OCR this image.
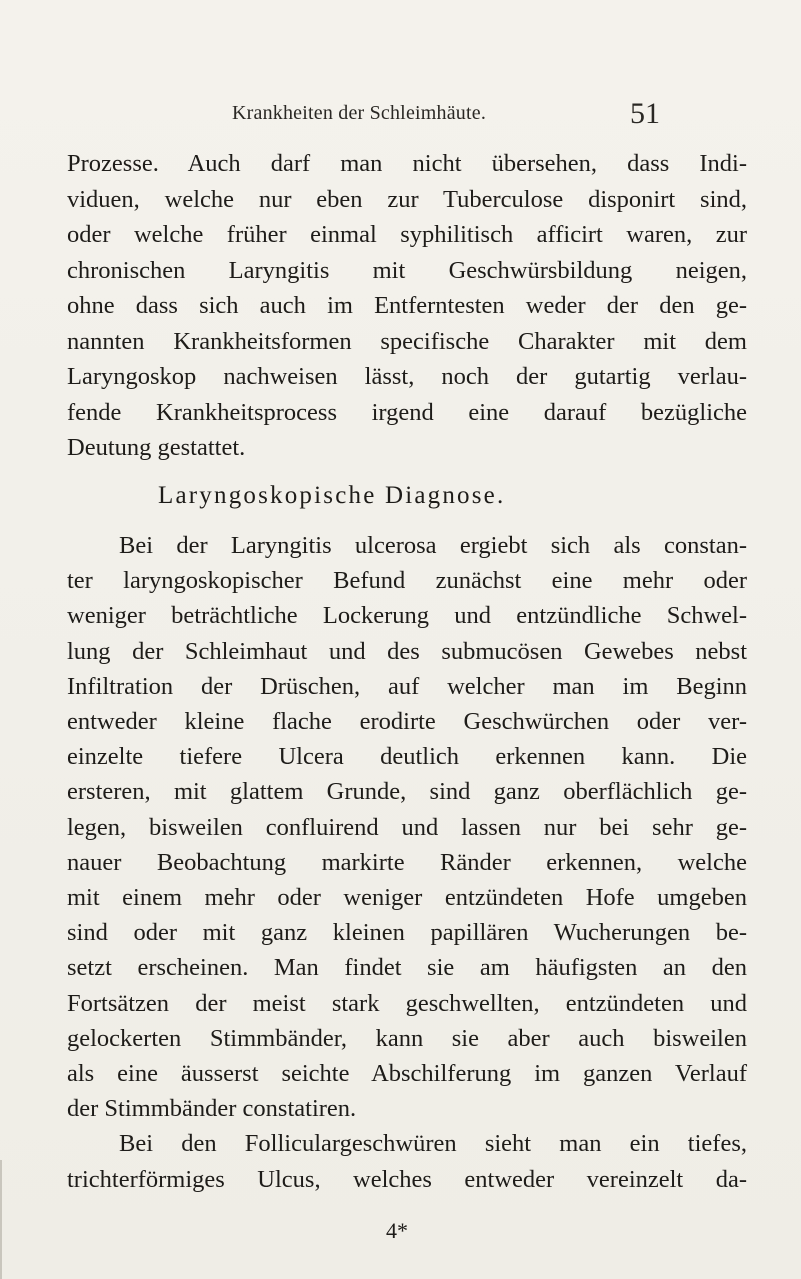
Krankheiten der Schleimhäute.	51
Prozesse. Auch darf man nicht übersehen, dass Indi-
viduen, welche nur eben zur Tuberculose disponirt sind,
oder welche früher einmal syphilitisch afficirt waren, zur
chronischen Laryngitis mit Geschwürsbildung neigen,
ohne dass sich auch im Entferntesten weder der den ge-
nannten Krankheitsformen specifische Charakter mit dem
Laryngoskop nachweisen lässt, noch der gutartig verlau-
fende Krankheitsprocess irgend eine darauf bezügliche
Deutung gestattet.
Laryngoskopische Diagnose.
Bei der Laryngitis ulcerosa ergiebt sich als constan-
ter laryngoskopischer Befund zunächst eine mehr oder
weniger beträchtliche Lockerung und entzündliche Schwel-
lung der Schleimhaut und des submucösen Gewebes nebst
Infiltration der Drüschen, auf welcher man im Beginn
entweder kleine flache erodirte Geschwürchen oder ver-
einzelte tiefere Ulcera deutlich erkennen kann. Die
ersteren, mit glattem Grunde, sind ganz oberflächlich ge-
legen, bisweilen confluirend und lassen nur bei sehr ge-
nauer Beobachtung markirte Ränder erkennen, welche
mit einem mehr oder weniger entzündeten Hofe umgeben
sind oder mit ganz kleinen papillären Wucherungen be-
setzt erscheinen. Man findet sie am häufigsten an den
Fortsätzen der meist stark geschwellten, entzündeten und
gelockerten Stimmbänder, kann sie aber auch bisweilen
als eine äusserst seichte Abschilferung im ganzen Verlauf
der Stimmbänder constatiren.
Bei den Folliculargeschwüren sieht man ein tiefes,
trichterförmiges Ulcus, welches entweder vereinzelt da-
4*
